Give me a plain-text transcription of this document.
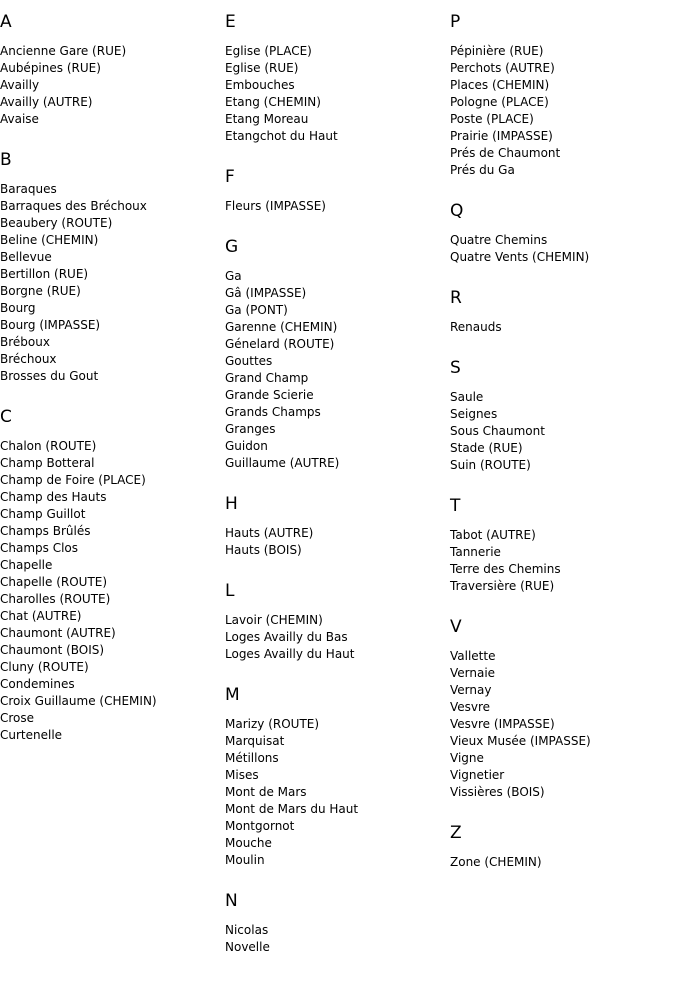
A
Ancienne Gare (RUE)
Aubépines (RUE)
Availly
Availly (AUTRE)
Avaise
B
Baraques
Barraques des Bréchoux
Beaubery (ROUTE)
Beline (CHEMIN)
Bellevue
Bertillon (RUE)
Borgne (RUE)
Bourg
Bourg (IMPASSE)
Bréboux
Bréchoux
Brosses du Gout
C
Chalon (ROUTE)
Champ Botteral
Champ de Foire (PLACE)
Champ des Hauts
Champ Guillot
Champs Brûlés
Champs Clos
Chapelle
Chapelle (ROUTE)
Charolles (ROUTE)
Chat (AUTRE)
Chaumont (AUTRE)
Chaumont (BOIS)
Cluny (ROUTE)
Condemines
Croix Guillaume (CHEMIN)
Crose
Curtenelle
E
Eglise (PLACE)
Eglise (RUE)
Embouches
Etang (CHEMIN)
Etang Moreau
Etangchot du Haut
F
Fleurs (IMPASSE)
G
Ga
Gâ (IMPASSE)
Ga (PONT)
Garenne (CHEMIN)
Génelard (ROUTE)
Gouttes
Grand Champ
Grande Scierie
Grands Champs
Granges
Guidon
Guillaume (AUTRE)
H
Hauts (AUTRE)
Hauts (BOIS)
L
Lavoir (CHEMIN)
Loges Availly du Bas
Loges Availly du Haut
M
Marizy (ROUTE)
Marquisat
Métillons
Mises
Mont de Mars
Mont de Mars du Haut
Montgornot
Mouche
Moulin
N
Nicolas
Novelle
P
Pépinière (RUE)
Perchots (AUTRE)
Places (CHEMIN)
Pologne (PLACE)
Poste (PLACE)
Prairie (IMPASSE)
Prés de Chaumont
Prés du Ga
Q
Quatre Chemins
Quatre Vents (CHEMIN)
R
Renauds
S
Saule
Seignes
Sous Chaumont
Stade (RUE)
Suin (ROUTE)
T
Tabot (AUTRE)
Tannerie
Terre des Chemins
Traversière (RUE)
V
Vallette
Vernaie
Vernay
Vesvre
Vesvre (IMPASSE)
Vieux Musée (IMPASSE)
Vigne
Vignetier
Vissières (BOIS)
Z
Zone (CHEMIN)
